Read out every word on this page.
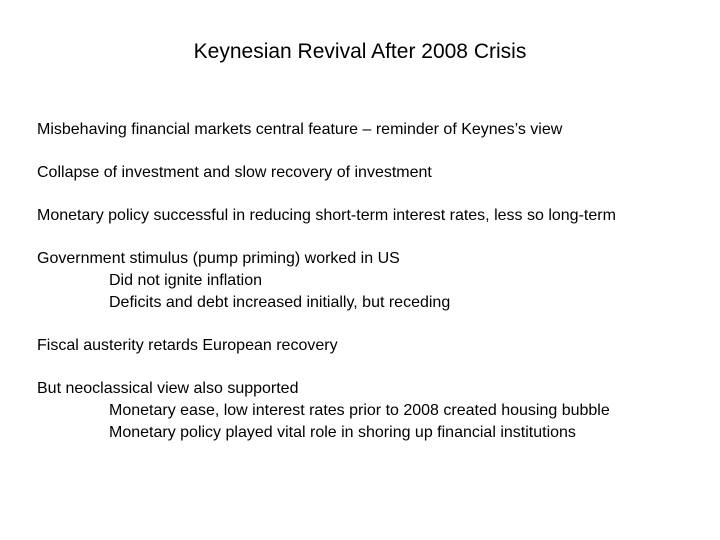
Keynesian Revival After 2008 Crisis
Misbehaving financial markets central feature – reminder of Keynes’s view
Collapse of investment and slow recovery of investment
Monetary policy successful in reducing short-term interest rates, less so long-term
Government stimulus (pump priming) worked in US
Did not ignite inflation
Deficits and debt increased initially, but receding
Fiscal austerity retards European recovery
But neoclassical view also supported
Monetary ease, low interest rates prior to 2008 created housing bubble
Monetary policy played vital role in shoring up financial institutions
